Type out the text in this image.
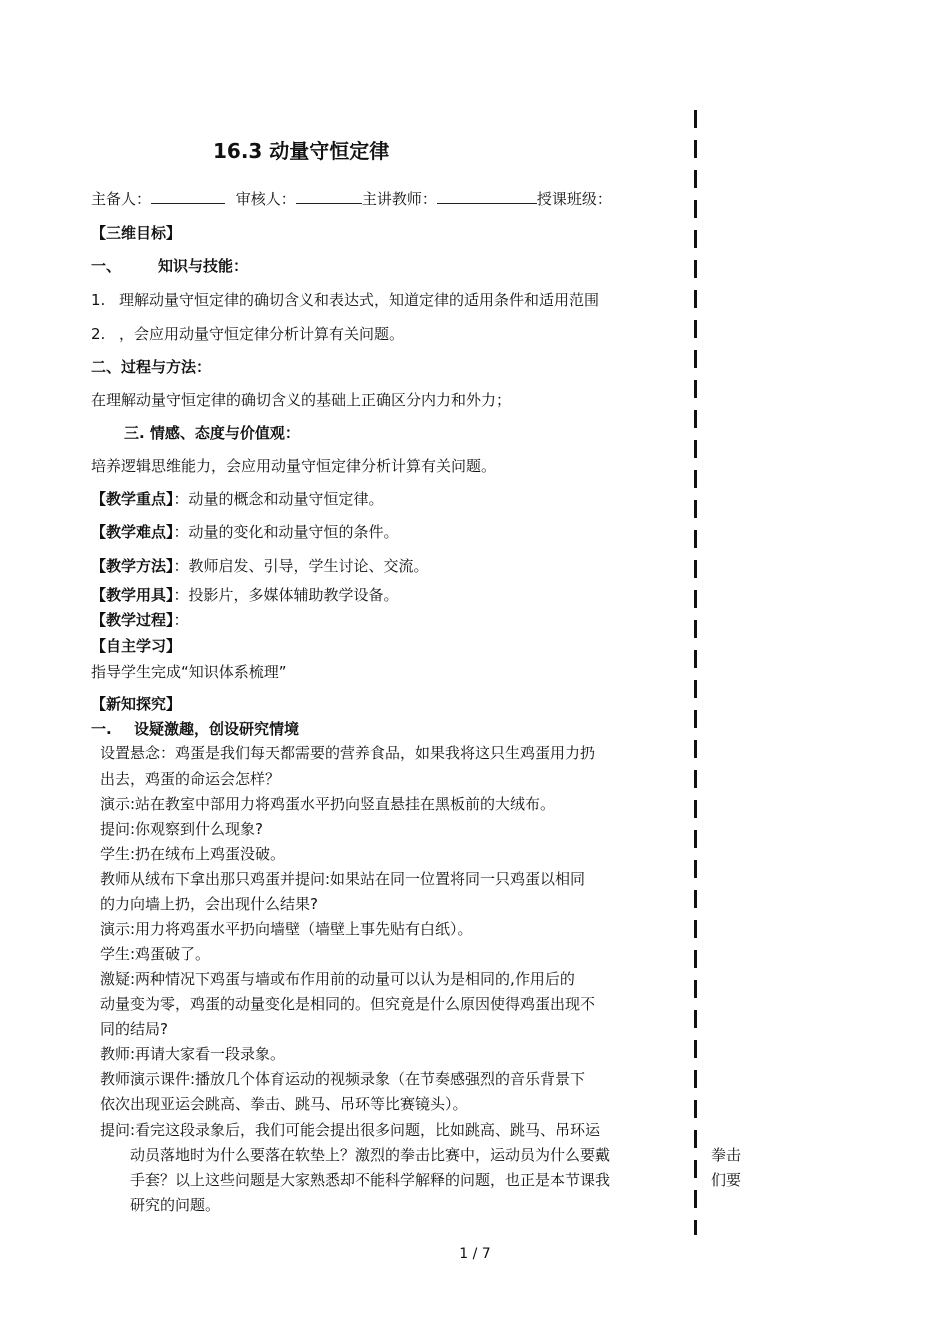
16.3 动量守恒定律
主备人：	审核人：	主讲教师：	授课班级：
【三维目标】
一、 知识与技能：
1. 理解动量守恒定律的确切含义和表达式，知道定律的适用条件和适用范围
2. ，会应用动量守恒定律分析计算有关问题。
二、过程与方法：
在理解动量守恒定律的确切含义的基础上正确区分内力和外力；
三. 情感、态度与价值观：
培养逻辑思维能力，会应用动量守恒定律分析计算有关问题。
【教学重点】：动量的概念和动量守恒定律。
【教学难点】：动量的变化和动量守恒的条件。
【教学方法】：教师启发、引导，学生讨论、交流。
【教学用具】：投影片，多媒体辅助教学设备。
【教学过程】：
【自主学习】
指导学生完成“知识体系梳理”
【新知探究】
一. 设疑激趣，创设研究情境
设置悬念：鸡蛋是我们每天都需要的营养食品，如果我将这只生鸡蛋用力扔
出去，鸡蛋的命运会怎样？
演示:站在教室中部用力将鸡蛋水平扔向竖直悬挂在黑板前的大绒布。
提问:你观察到什么现象?
学生:扔在绒布上鸡蛋没破。
教师从绒布下拿出那只鸡蛋并提问:如果站在同一位置将同一只鸡蛋以相同
的力向墙上扔，会出现什么结果?
演示:用力将鸡蛋水平扔向墙壁（墙壁上事先贴有白纸）。
学生:鸡蛋破了。
激疑:两种情况下鸡蛋与墙或布作用前的动量可以认为是相同的,作用后的
动量变为零，鸡蛋的动量变化是相同的。但究竟是什么原因使得鸡蛋出现不
同的结局?
教师:再请大家看一段录象。
教师演示课件:播放几个体育运动的视频录象（在节奏感强烈的音乐背景下
依次出现亚运会跳高、拳击、跳马、吊环等比赛镜头）。
提问:看完这段录象后，我们可能会提出很多问题，比如跳高、跳马、吊环运
动员落地时为什么要落在软垫上？激烈的拳击比赛中，运动员为什么要戴
手套？以上这些问题是大家熟悉却不能科学解释的问题，也正是本节课我
研究的问题。
拳击
们要
1 / 7
